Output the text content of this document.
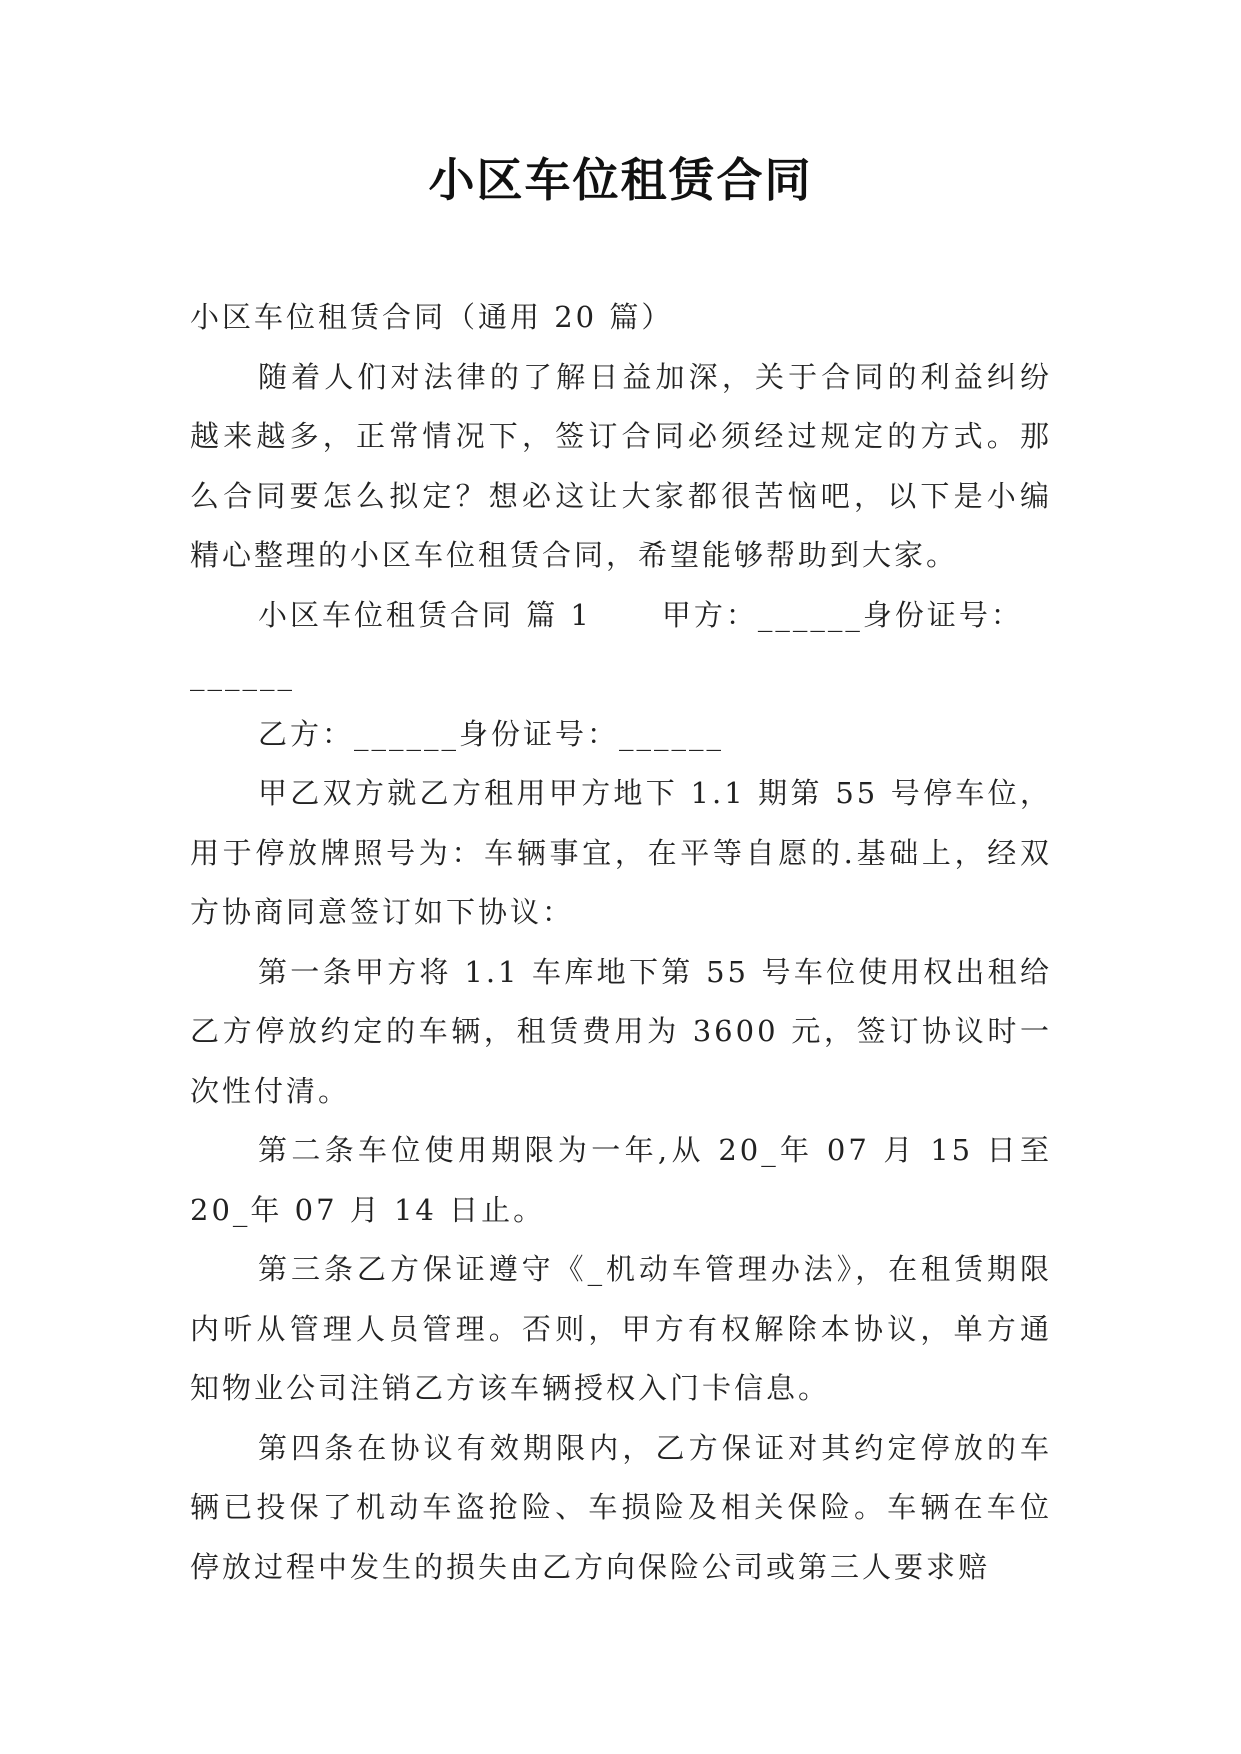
小区车位租赁合同

小区车位租赁合同（通用 20 篇）

随着人们对法律的了解日益加深，关于合同的利益纠纷越来越多，正常情况下，签订合同必须经过规定的方式。那么合同要怎么拟定？想必这让大家都很苦恼吧，以下是小编精心整理的小区车位租赁合同，希望能够帮助到大家。

小区车位租赁合同 篇 1 甲方：______身份证号：

______

乙方：______身份证号：______

甲乙双方就乙方租用甲方地下 1.1 期第 55 号停车位，用于停放牌照号为：车辆事宜，在平等自愿的.基础上，经双方协商同意签订如下协议：

第一条甲方将 1.1 车库地下第 55 号车位使用权出租给乙方停放约定的车辆，租赁费用为 3600 元，签订协议时一次性付清。

第二条车位使用期限为一年,从 20_年 07 月 15 日至 20_年 07 月 14 日止。

第三条乙方保证遵守《_机动车管理办法》，在租赁期限内听从管理人员管理。否则，甲方有权解除本协议，单方通知物业公司注销乙方该车辆授权入门卡信息。

第四条在协议有效期限内，乙方保证对其约定停放的车辆已投保了机动车盗抢险、车损险及相关保险。车辆在车位停放过程中发生的损失由乙方向保险公司或第三人要求赔
